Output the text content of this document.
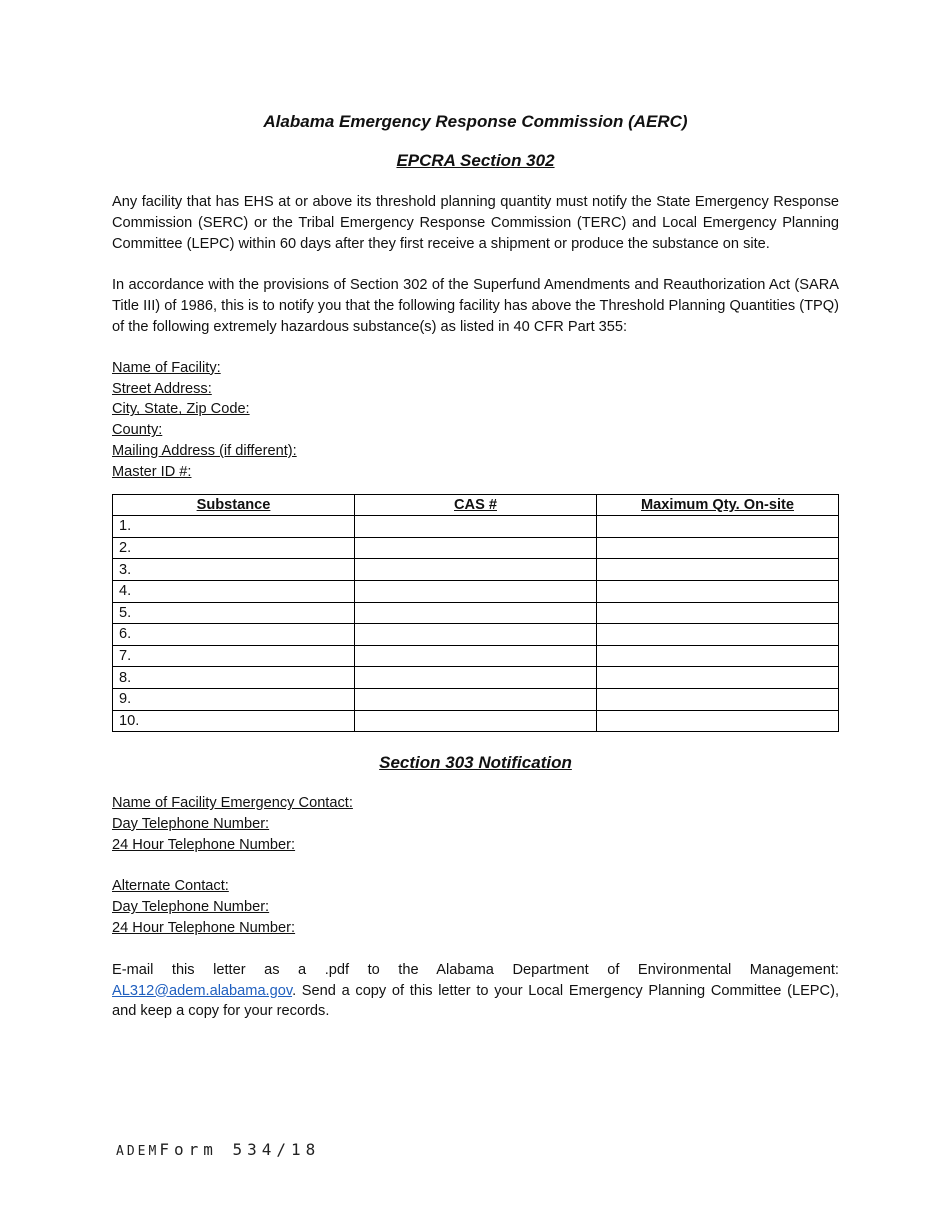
Alabama Emergency Response Commission (AERC)
EPCRA Section 302

Any facility that has EHS at or above its threshold planning quantity must notify the State Emergency Response Commission (SERC) or the Tribal Emergency Response Commission (TERC) and Local Emergency Planning Committee (LEPC) within 60 days after they first receive a shipment or produce the substance on site.

In accordance with the provisions of Section 302 of the Superfund Amendments and Reauthorization Act (SARA Title III) of 1986, this is to notify you that the following facility has above the Threshold Planning Quantities (TPQ) of the following extremely hazardous substance(s) as listed in 40 CFR Part 355:

Name of Facility:
Street Address:
City, State, Zip Code:
County:
Mailing Address (if different):
Master ID #:
Substance	CAS #	Maximum Qty. On-site
1.		
2.		
3.		
4.		
5.		
6.		
7.		
8.		
9.		
10.		
Section 303 Notification
Name of Facility Emergency Contact:
Day Telephone Number:
24 Hour Telephone Number:
Alternate Contact:
Day Telephone Number:
24 Hour Telephone Number:

E-mail this letter as a .pdf to the Alabama Department of Environmental Management: AL312@adem.alabama.gov. Send a copy of this letter to your Local Emergency Planning Committee (LEPC), and keep a copy for your records.

ADEMForm 534/18
